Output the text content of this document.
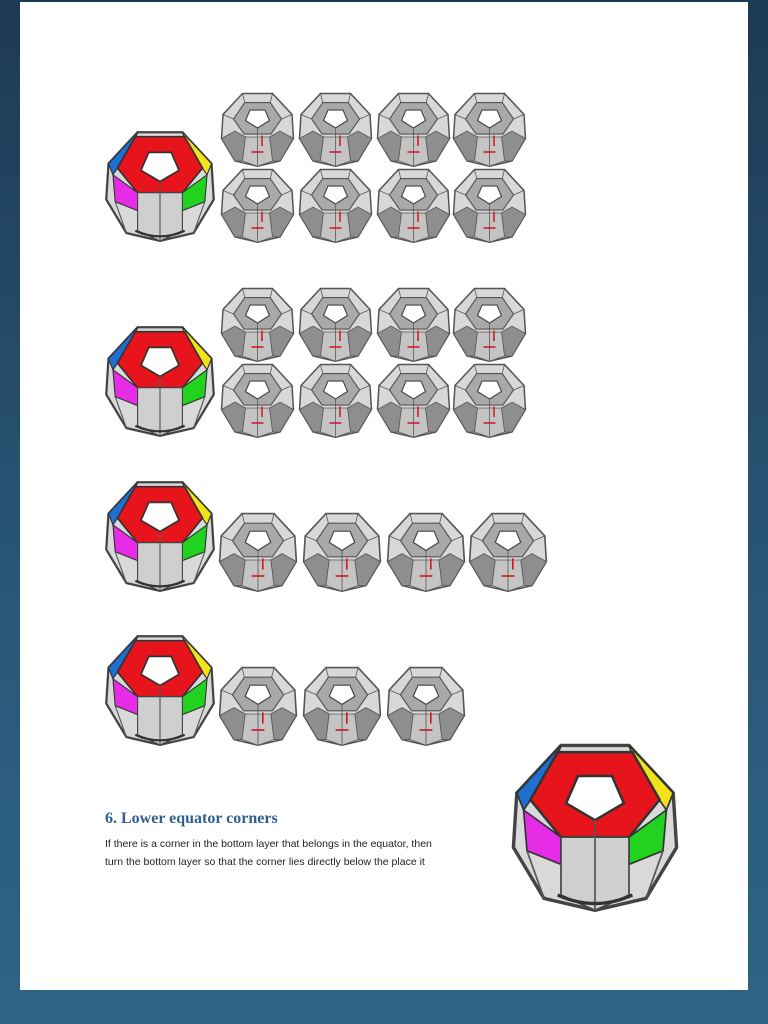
6. Lower equator corners

If there is a corner in the bottom layer that belongs in the equator, then
turn the bottom layer so that the corner lies directly below the place it
